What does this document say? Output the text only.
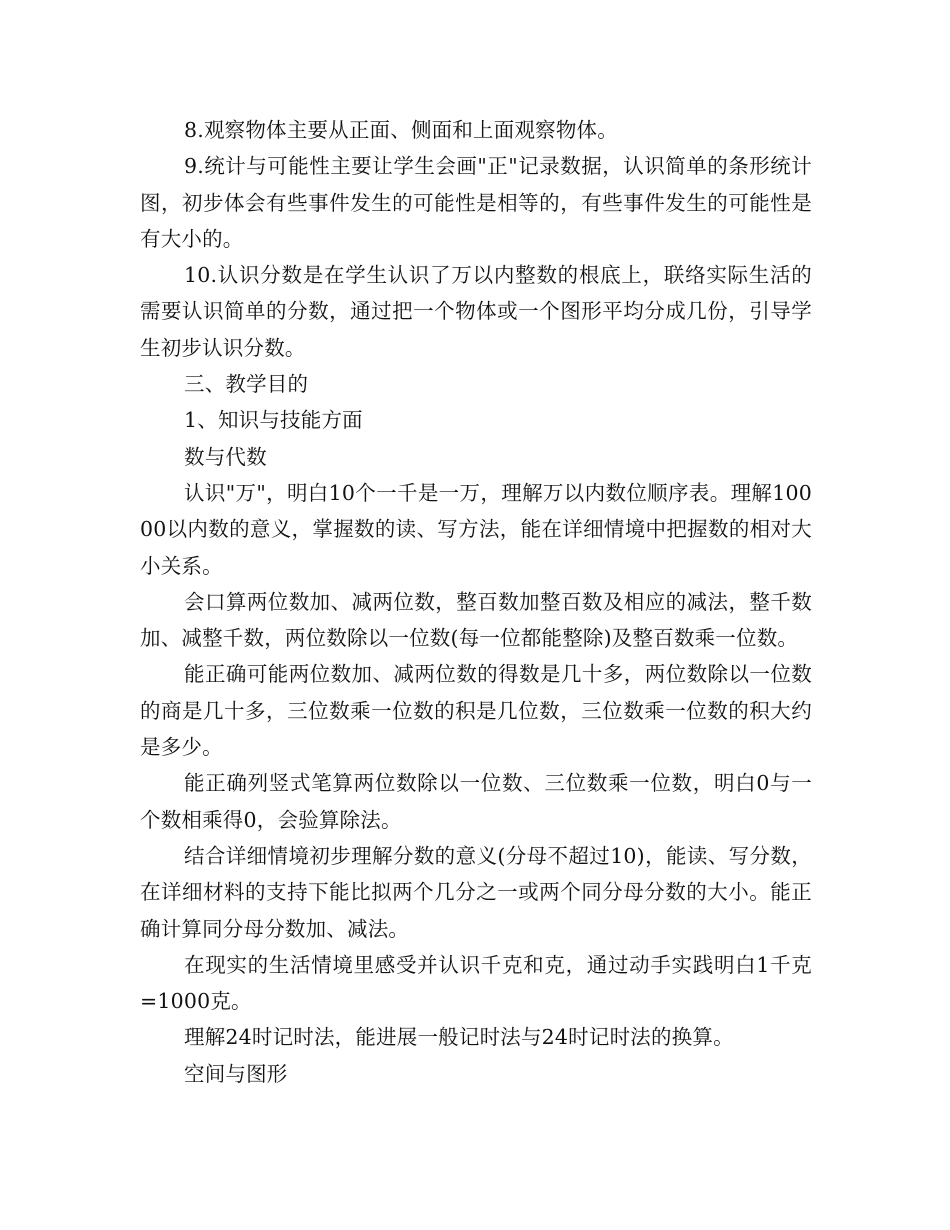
8.观察物体主要从正面、侧面和上面观察物体。

9.统计与可能性主要让学生会画"正"记录数据，认识简单的条形统计图，初步体会有些事件发生的可能性是相等的，有些事件发生的可能性是有大小的。

10.认识分数是在学生认识了万以内整数的根底上，联络实际生活的需要认识简单的分数，通过把一个物体或一个图形平均分成几份，引导学生初步认识分数。

三、教学目的

1、知识与技能方面

数与代数

认识"万"，明白10个一千是一万，理解万以内数位顺序表。理解10000以内数的意义，掌握数的读、写方法，能在详细情境中把握数的相对大小关系。

会口算两位数加、减两位数，整百数加整百数及相应的减法，整千数加、减整千数，两位数除以一位数(每一位都能整除)及整百数乘一位数。

能正确可能两位数加、减两位数的得数是几十多，两位数除以一位数的商是几十多，三位数乘一位数的积是几位数，三位数乘一位数的积大约是多少。

能正确列竖式笔算两位数除以一位数、三位数乘一位数，明白0与一个数相乘得0，会验算除法。

结合详细情境初步理解分数的意义(分母不超过10)，能读、写分数，在详细材料的支持下能比拟两个几分之一或两个同分母分数的大小。能正确计算同分母分数加、减法。

在现实的生活情境里感受并认识千克和克，通过动手实践明白1千克=1000克。

理解24时记时法，能进展一般记时法与24时记时法的换算。

空间与图形
